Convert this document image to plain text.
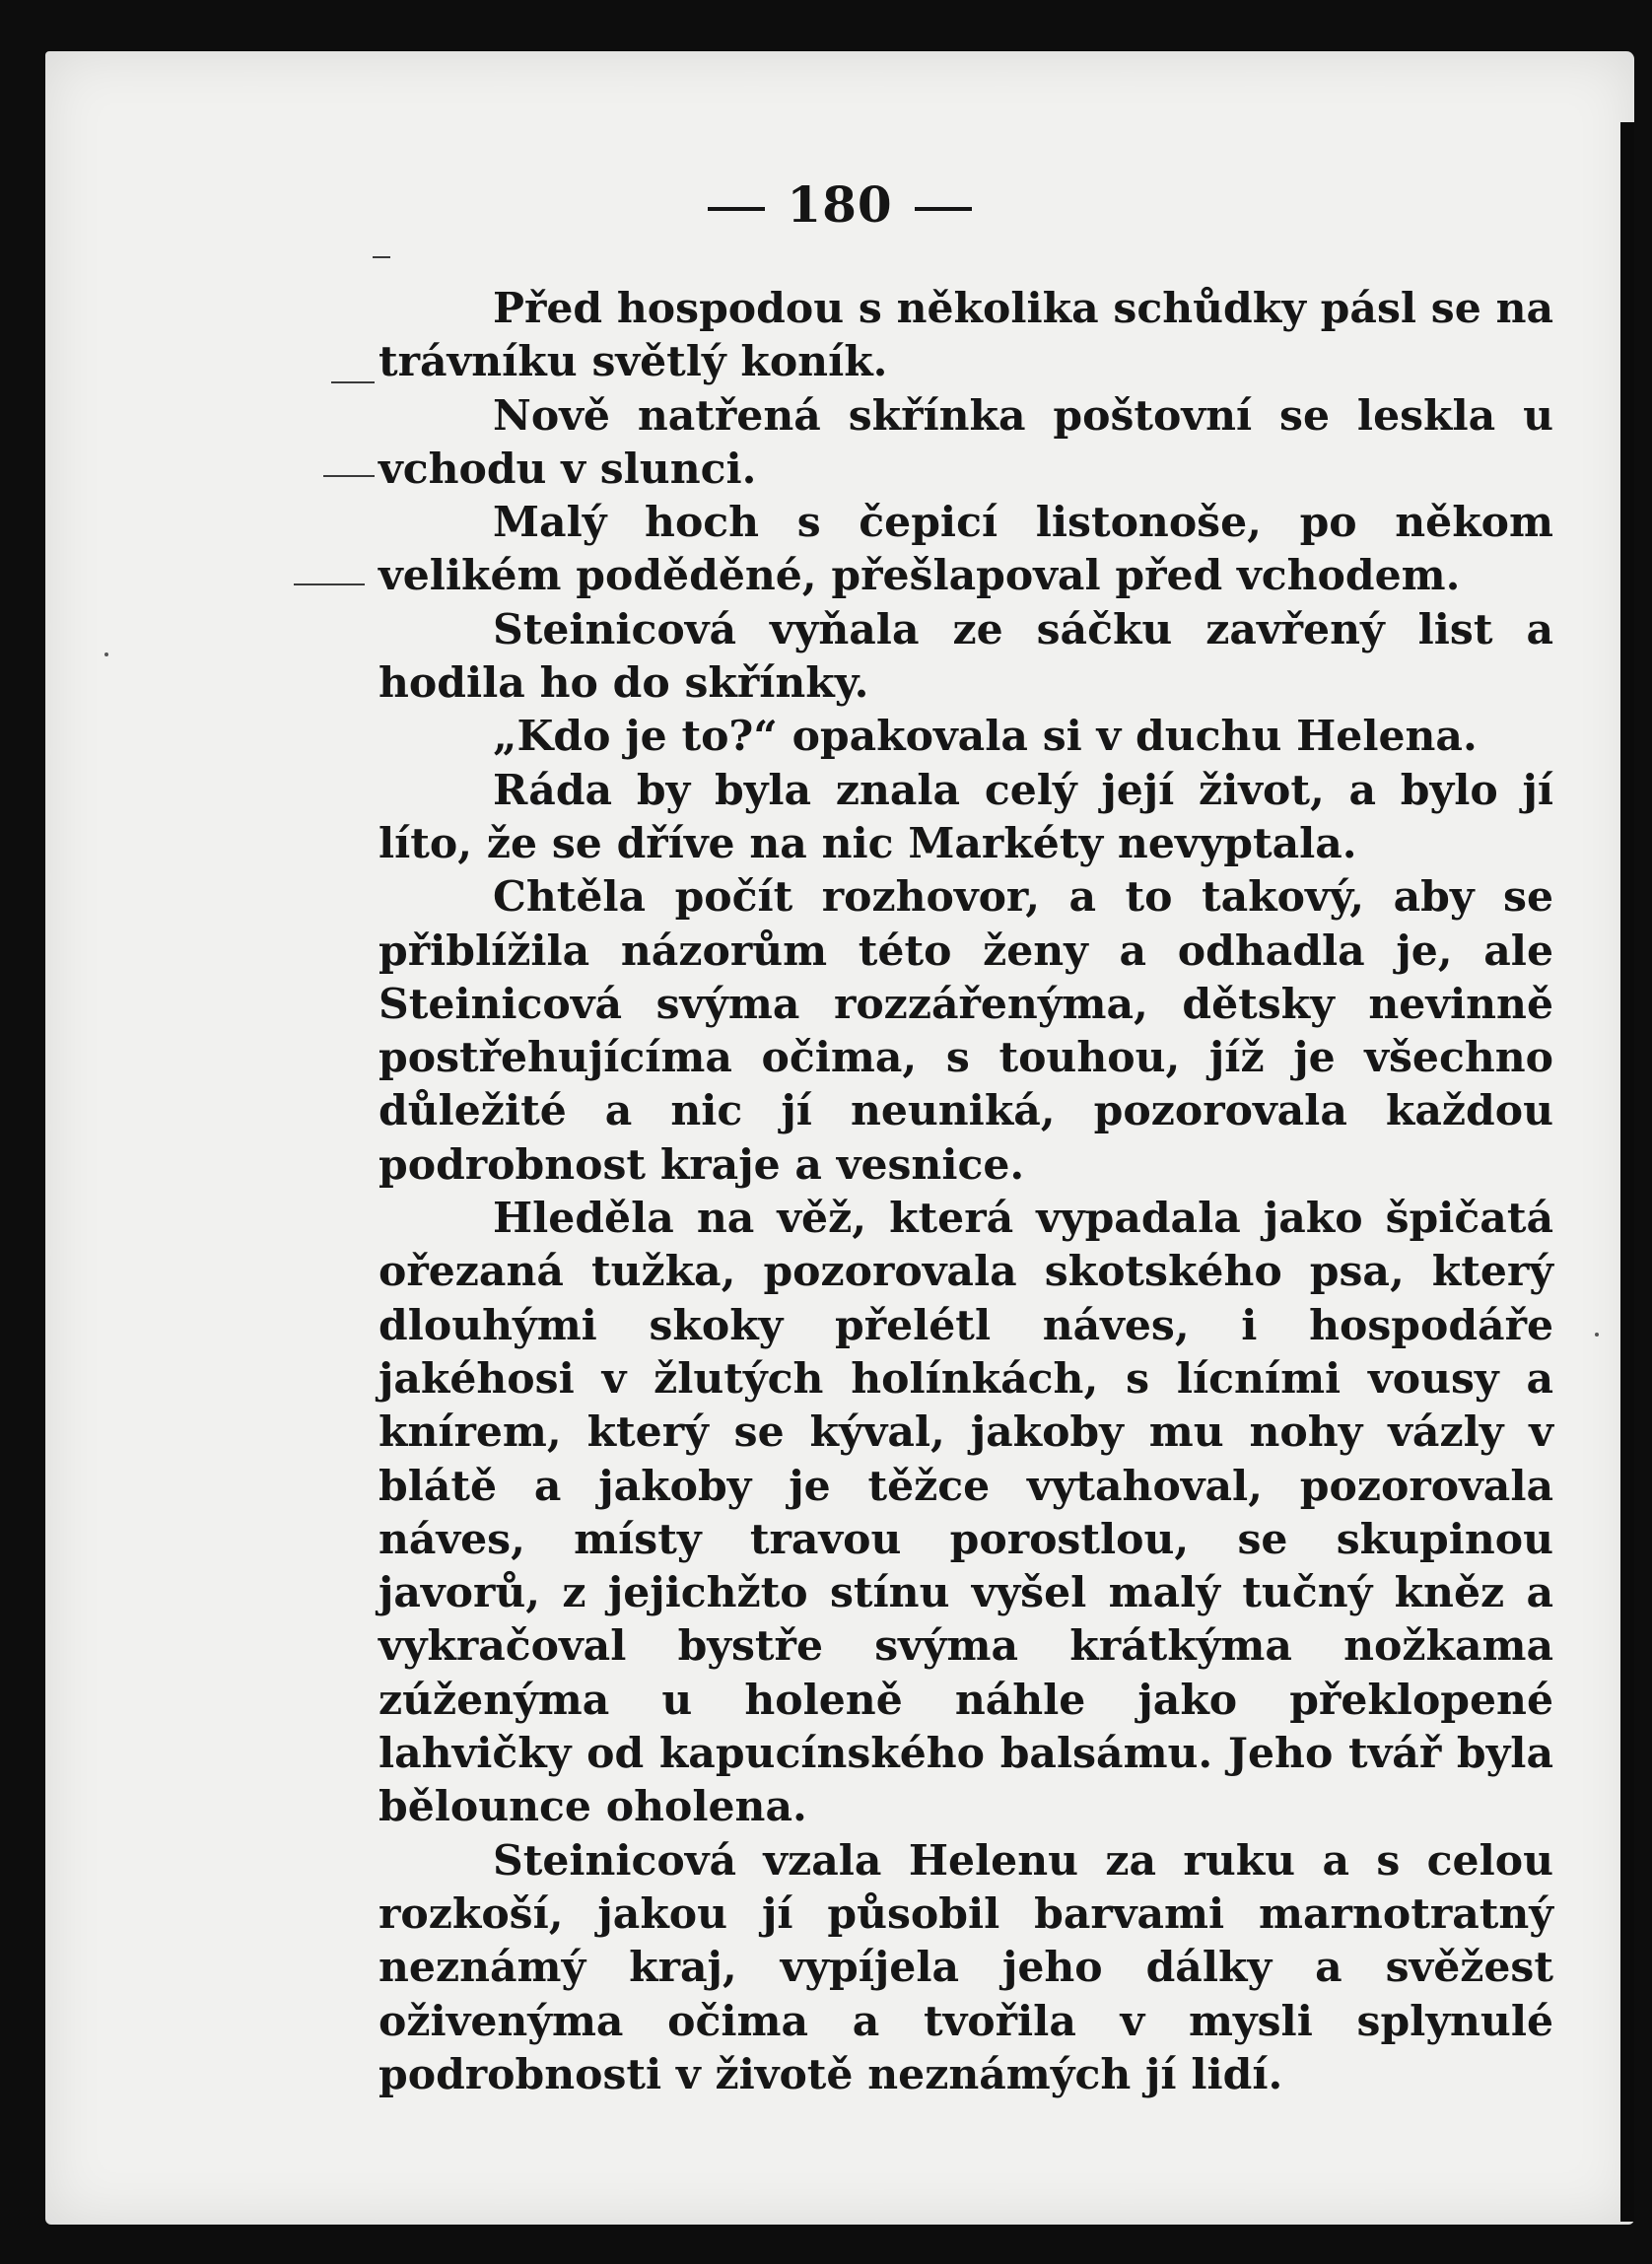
180

Před hospodou s několika schůdky pásl se na trávníku světlý koník.

Nově natřená skřínka poštovní se leskla u vchodu v slunci.

Malý hoch s čepicí listonoše, po někom velikém poděděné, přešlapoval před vchodem.

Steinicová vyňala ze sáčku zavřený list a hodila ho do skřínky.

„Kdo je to?“ opakovala si v duchu Helena.

Ráda by byla znala celý její život, a bylo jí líto, že se dříve na nic Markéty nevyptala.

Chtěla počít rozhovor, a to takový, aby se přiblížila názorům této ženy a odhadla je, ale Steinicová svýma rozzářenýma, dětsky nevinně postřehujícíma očima, s touhou, jíž je všechno důležité a nic jí neuniká, pozorovala každou podrobnost kraje a vesnice.

Hleděla na věž, která vypadala jako špičatá ořezaná tužka, pozorovala skotského psa, který dlouhými skoky přelétl náves, i hospodáře jakéhosi v žlutých holínkách, s lícními vousy a knírem, který se kýval, jakoby mu nohy vázly v blátě a jakoby je těžce vytahoval, pozorovala náves, místy travou porostlou, se skupinou javorů, z jejichžto stínu vyšel malý tučný kněz a vykračoval bystře svýma krátkýma nožkama zúženýma u holeně náhle jako překlopené lahvičky od kapucínského balsámu. Jeho tvář byla bělounce oholena.

Steinicová vzala Helenu za ruku a s celou rozkoší, jakou jí působil barvami marnotratný neznámý kraj, vypíjela jeho dálky a svěžest oživenýma očima a tvořila v mysli splynulé podrobnosti v životě neznámých jí lidí.
